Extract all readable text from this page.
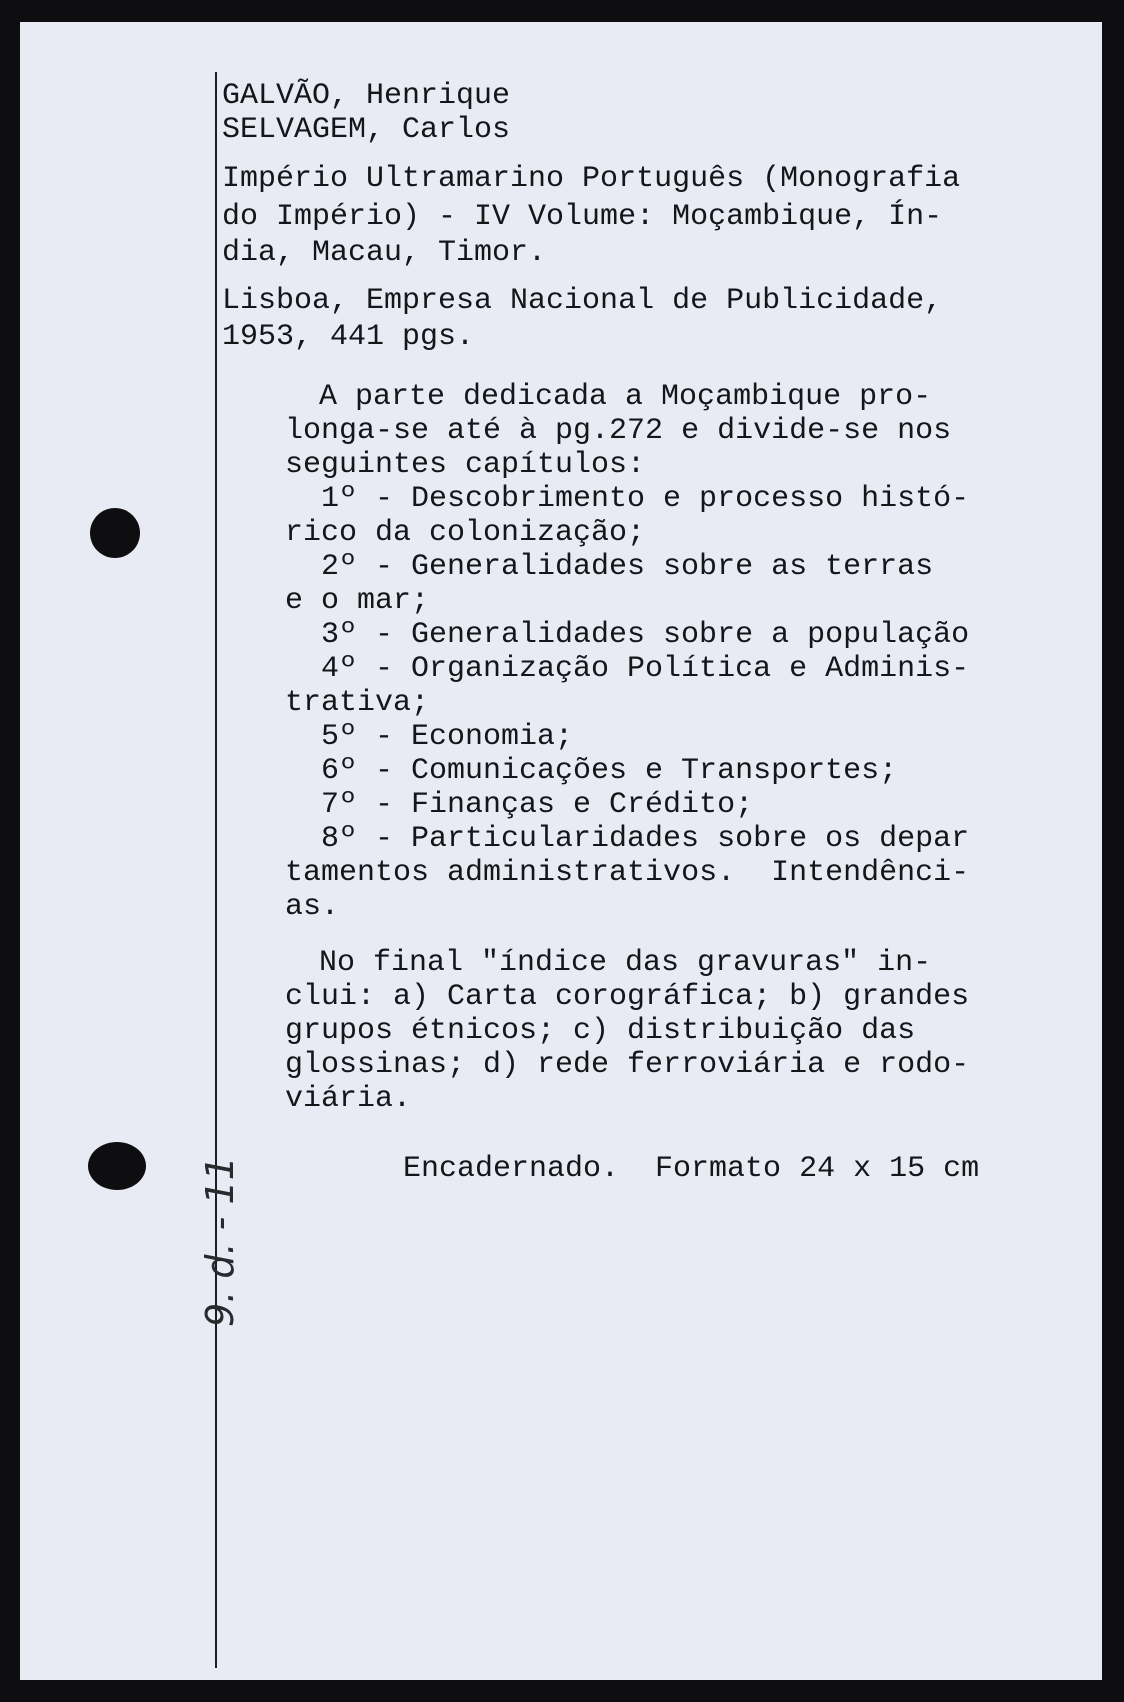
GALVÃO, Henrique

SELVAGEM, Carlos

Império Ultramarino Português (Monografia

do Império) - IV Volume: Moçambique, Ín-

dia, Macau, Timor.

Lisboa, Empresa Nacional de Publicidade,

1953, 441 pgs.

A parte dedicada a Moçambique pro-

longa-se até à pg.272 e divide-se nos

seguintes capítulos:

1º - Descobrimento e processo histó-

rico da colonização;

2º - Generalidades sobre as terras

e o mar;

3º - Generalidades sobre a população

4º - Organização Política e Adminis-

trativa;

5º - Economia;

6º - Comunicações e Transportes;

7º - Finanças e Crédito;

8º - Particularidades sobre os depar

tamentos administrativos.  Intendênci-

as.

No final "índice das gravuras" in-

clui: a) Carta corográfica; b) grandes

grupos étnicos; c) distribuição das

glossinas; d) rede ferroviária e rodo-

viária.

Encadernado.  Formato 24 x 15 cm

9. d. - 11
